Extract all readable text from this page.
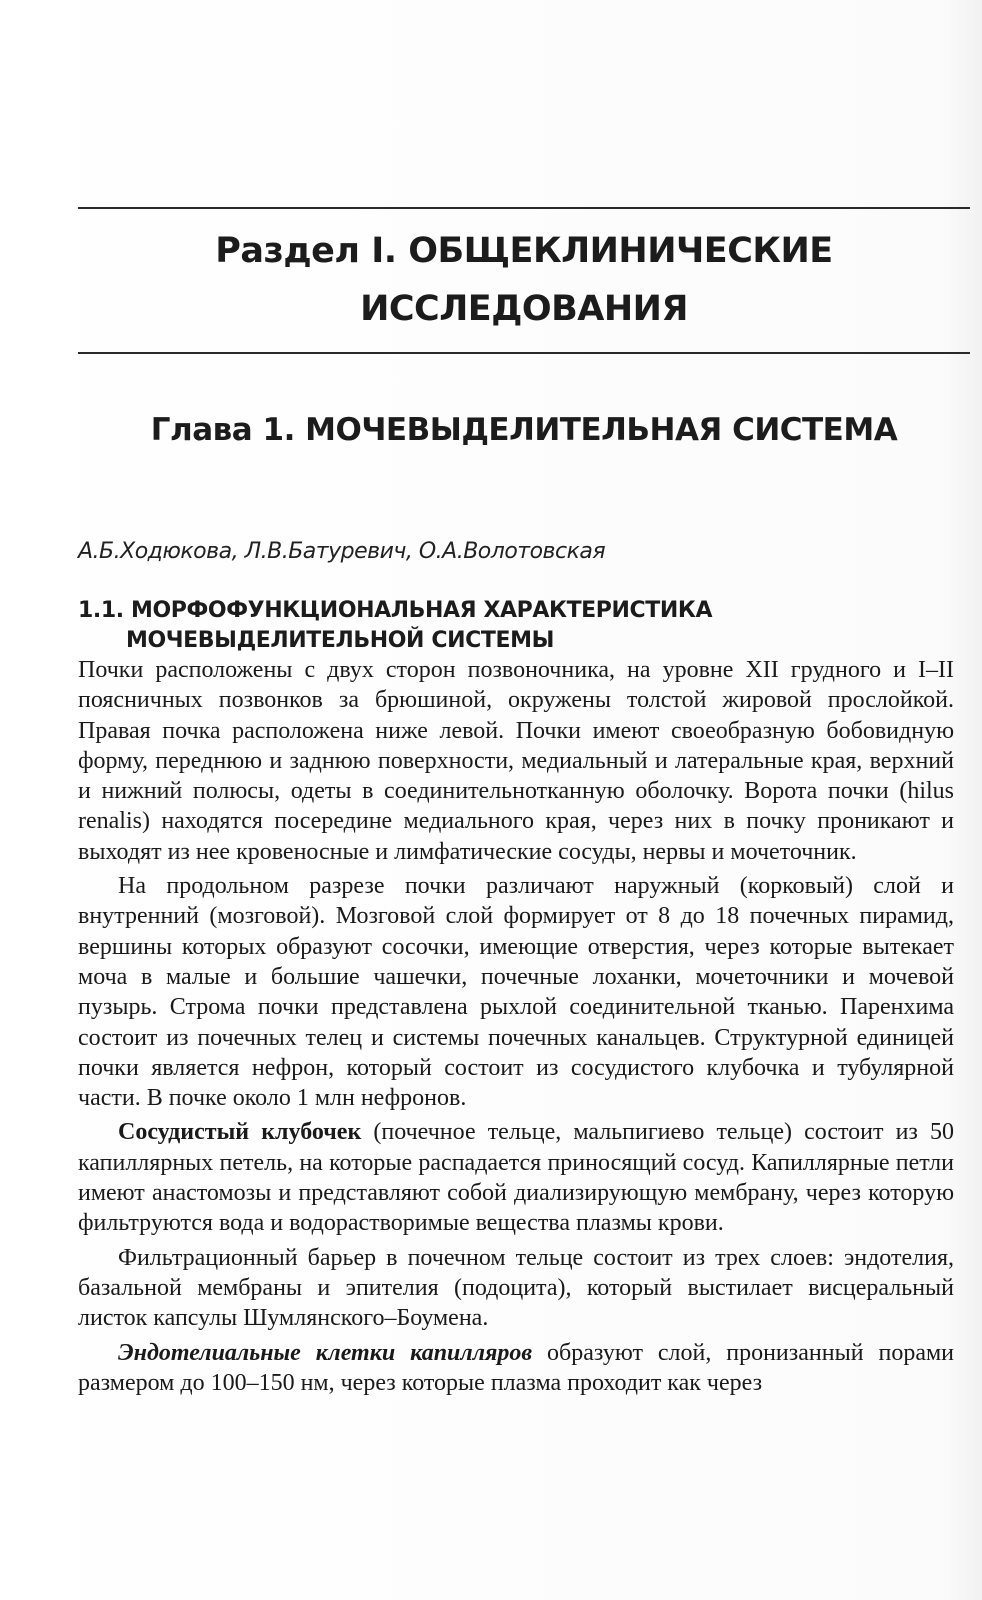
Раздел I. ОБЩЕКЛИНИЧЕСКИЕ
ИССЛЕДОВАНИЯ
Глава 1. МОЧЕВЫДЕЛИТЕЛЬНАЯ СИСТЕМА
А.Б.Ходюкова, Л.В.Батуревич, О.А.Волотовская
1.1. МОРФОФУНКЦИОНАЛЬНАЯ ХАРАКТЕРИСТИКА
МОЧЕВЫДЕЛИТЕЛЬНОЙ СИСТЕМЫ

Почки расположены с двух сторон позвоночника, на уровне XII грудного и I–II поясничных позвонков за брюшиной, окружены толстой жировой прослойкой. Правая почка расположена ниже левой. Почки имеют своеобразную бобовидную форму, переднюю и заднюю поверхности, медиальный и латеральные края, верхний и нижний полюсы, одеты в соединительнотканную оболочку. Ворота почки (hilus renalis) находятся посередине медиального края, через них в почку проникают и выходят из нее кровеносные и лимфатические сосуды, нервы и мочеточник.

На продольном разрезе почки различают наружный (корковый) слой и внутренний (мозговой). Мозговой слой формирует от 8 до 18 почечных пирамид, вершины которых образуют сосочки, имеющие отверстия, через которые вытекает моча в малые и большие чашечки, почечные лоханки, мочеточники и мочевой пузырь. Строма почки представлена рыхлой соединительной тканью. Паренхима состоит из почечных телец и системы почечных канальцев. Структурной единицей почки является нефрон, который состоит из сосудистого клубочка и тубулярной части. В почке около 1 млн нефронов.

Сосудистый клубочек (почечное тельце, мальпигиево тельце) состоит из 50 капиллярных петель, на которые распадается приносящий сосуд. Капиллярные петли имеют анастомозы и представляют собой диализирующую мембрану, через которую фильтруются вода и водорастворимые вещества плазмы крови.

Фильтрационный барьер в почечном тельце состоит из трех слоев: эндотелия, базальной мембраны и эпителия (подоцита), который выстилает висцеральный листок капсулы Шумлянского–Боумена.

Эндотелиальные клетки капилляров образуют слой, пронизанный порами размером до 100–150 нм, через которые плазма проходит как через
